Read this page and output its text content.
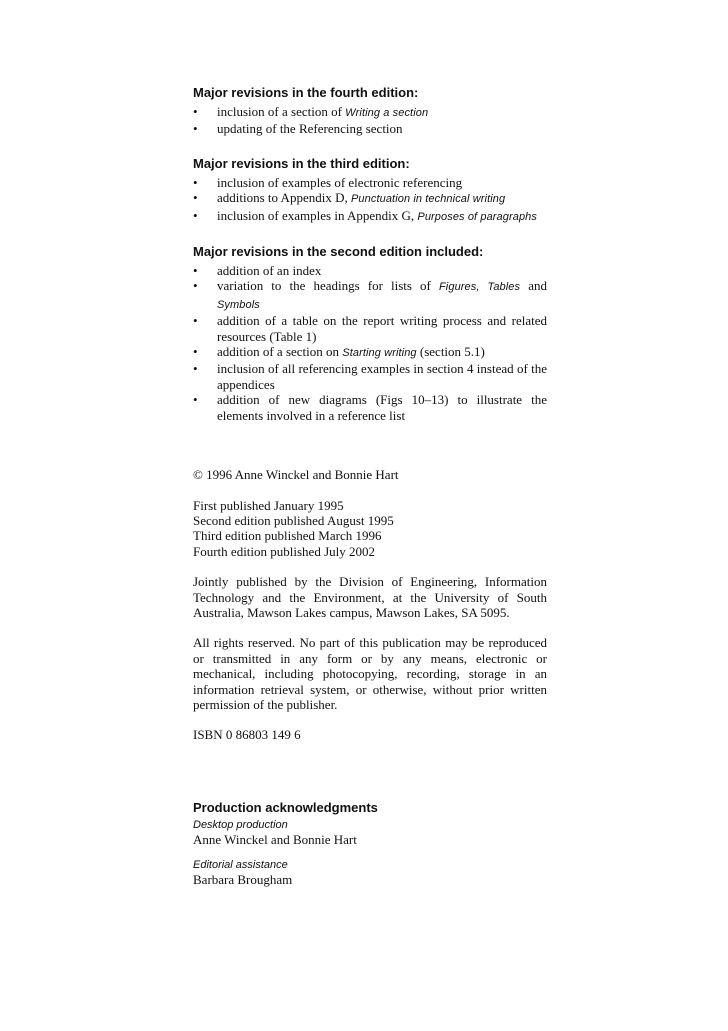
Major revisions in the fourth edition:
• inclusion of a section of Writing a section
• updating of the Referencing section
Major revisions in the third edition:
• inclusion of examples of electronic referencing
• additions to Appendix D, Punctuation in technical writing
• inclusion of examples in Appendix G, Purposes of paragraphs
Major revisions in the second edition included:
• addition of an index
• variation to the headings for lists of Figures, Tables and Symbols
• addition of a table on the report writing process and related resources (Table 1)
• addition of a section on Starting writing (section 5.1)
• inclusion of all referencing examples in section 4 instead of the appendices
• addition of new diagrams (Figs 10–13) to illustrate the elements involved in a reference list

© 1996 Anne Winckel and Bonnie Hart

First published January 1995

Second edition published August 1995

Third edition published March 1996

Fourth edition published July 2002

Jointly published by the Division of Engineering, Information Technology and the Environment, at the University of South Australia, Mawson Lakes campus, Mawson Lakes, SA 5095.

All rights reserved. No part of this publication may be reproduced or transmitted in any form or by any means, electronic or mechanical, including photocopying, recording, storage in an information retrieval system, or otherwise, without prior written permission of the publisher.

ISBN 0 86803 149 6

Production acknowledgments

Desktop production

Anne Winckel and Bonnie Hart

Editorial assistance

Barbara Brougham
